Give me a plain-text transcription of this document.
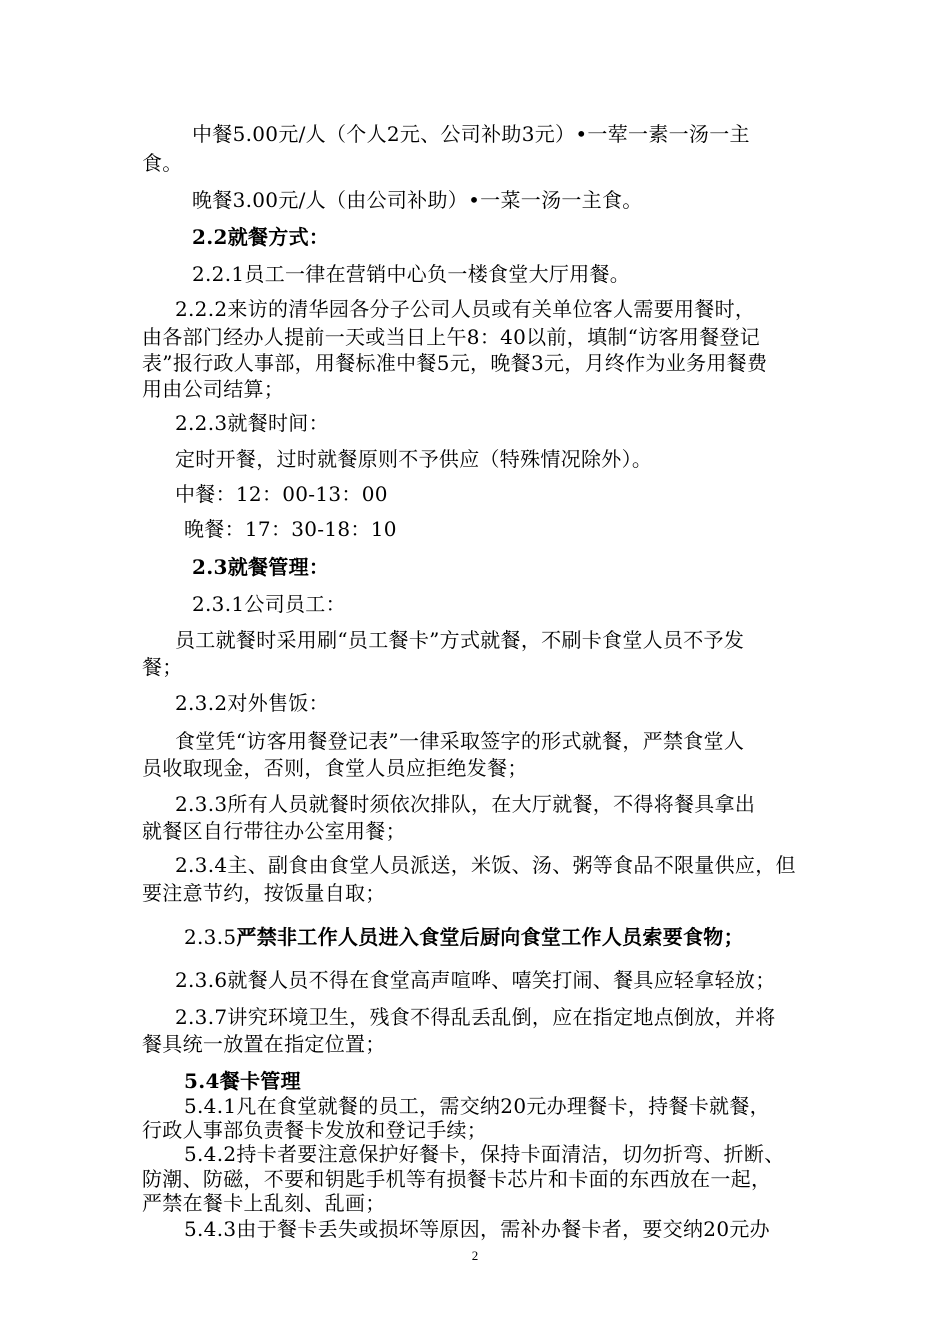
中餐5.00元/人（个人2元、公司补助3元）•一荤一素一汤一主
食。
晚餐3.00元/人（由公司补助）•一菜一汤一主食。
2.2就餐方式：
2.2.1员工一律在营销中心负一楼食堂大厅用餐。
2.2.2来访的清华园各分子公司人员或有关单位客人需要用餐时，
由各部门经办人提前一天或当日上午8：40以前，填制“访客用餐登记
表”报行政人事部，用餐标准中餐5元，晚餐3元，月终作为业务用餐费
用由公司结算；
2.2.3就餐时间：
定时开餐，过时就餐原则不予供应（特殊情况除外）。
中餐：12：00-13：00
晚餐：17：30-18：10
2.3就餐管理：
2.3.1公司员工：
员工就餐时采用刷“员工餐卡”方式就餐，不刷卡食堂人员不予发
餐；
2.3.2对外售饭：
食堂凭“访客用餐登记表”一律采取签字的形式就餐，严禁食堂人
员收取现金，否则，食堂人员应拒绝发餐；
2.3.3所有人员就餐时须依次排队，在大厅就餐，不得将餐具拿出
就餐区自行带往办公室用餐；
2.3.4主、副食由食堂人员派送，米饭、汤、粥等食品不限量供应，但
要注意节约，按饭量自取；
2.3.5严禁非工作人员进入食堂后厨向食堂工作人员索要食物；
2.3.6就餐人员不得在食堂高声喧哗、嘻笑打闹、餐具应轻拿轻放；
2.3.7讲究环境卫生，残食不得乱丢乱倒，应在指定地点倒放，并将
餐具统一放置在指定位置；
5.4餐卡管理
5.4.1凡在食堂就餐的员工，需交纳20元办理餐卡，持餐卡就餐，
行政人事部负责餐卡发放和登记手续；
5.4.2持卡者要注意保护好餐卡，保持卡面清洁，切勿折弯、折断、
防潮、防磁，不要和钥匙手机等有损餐卡芯片和卡面的东西放在一起，
严禁在餐卡上乱刻、乱画；
5.4.3由于餐卡丢失或损坏等原因，需补办餐卡者，要交纳20元办
2
